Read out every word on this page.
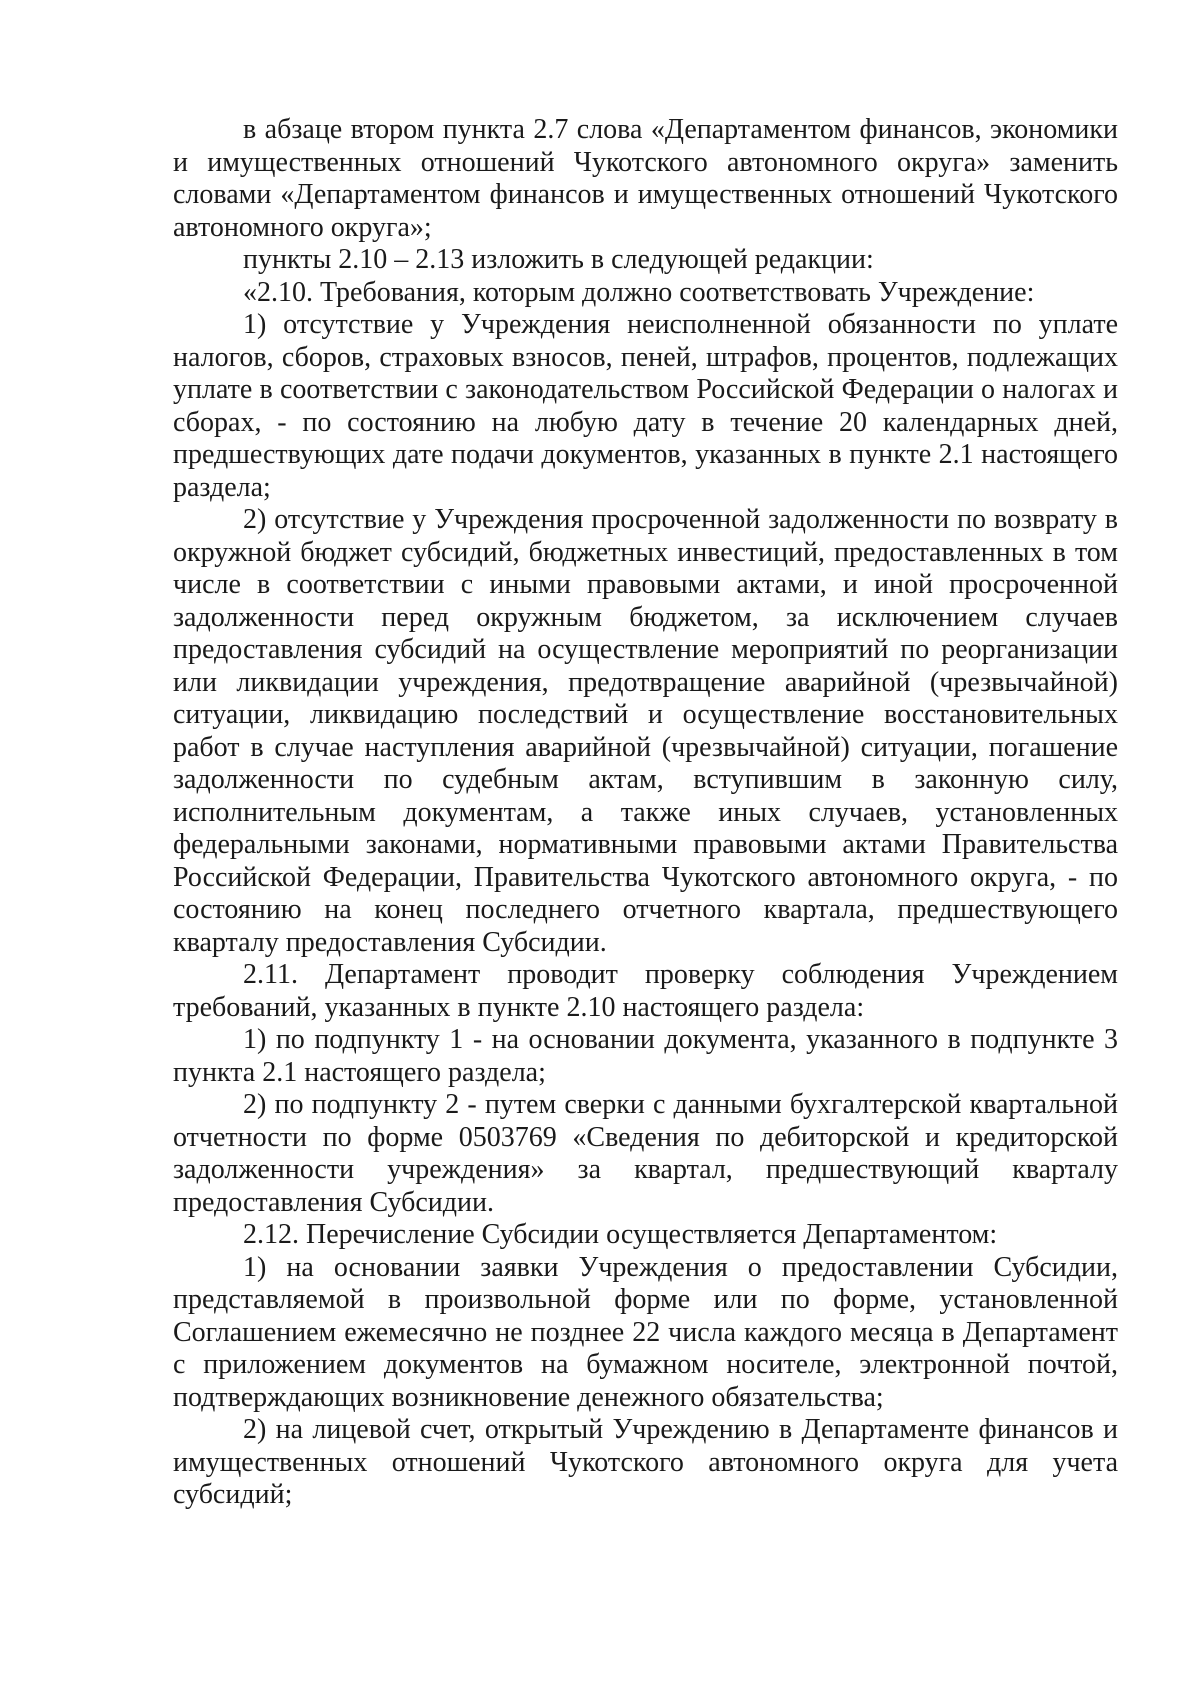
в абзаце втором пункта 2.7 слова «Департаментом финансов, экономики и имущественных отношений Чукотского автономного округа» заменить словами «Департаментом финансов и имущественных отношений Чукотского автономного округа»;

пункты 2.10 – 2.13 изложить в следующей редакции:

«2.10. Требования, которым должно соответствовать Учреждение:

1) отсутствие у Учреждения неисполненной обязанности по уплате налогов, сборов, страховых взносов, пеней, штрафов, процентов, подлежащих уплате в соответствии с законодательством Российской Федерации о налогах и сборах, - по состоянию на любую дату в течение 20 календарных дней, предшествующих дате подачи документов, указанных в пункте 2.1 настоящего раздела;

2) отсутствие у Учреждения просроченной задолженности по возврату в окружной бюджет субсидий, бюджетных инвестиций, предоставленных в том числе в соответствии с иными правовыми актами, и иной просроченной задолженности перед окружным бюджетом, за исключением случаев предоставления субсидий на осуществление мероприятий по реорганизации или ликвидации учреждения, предотвращение аварийной (чрезвычайной) ситуации, ликвидацию последствий и осуществление восстановительных работ в случае наступления аварийной (чрезвычайной) ситуации, погашение задолженности по судебным актам, вступившим в законную силу, исполнительным документам, а также иных случаев, установленных федеральными законами, нормативными правовыми актами Правительства Российской Федерации, Правительства Чукотского автономного округа, - по состоянию на конец последнего отчетного квартала, предшествующего кварталу предоставления Субсидии.

2.11. Департамент проводит проверку соблюдения Учреждением требований, указанных в пункте 2.10 настоящего раздела:

1) по подпункту 1 - на основании документа, указанного в подпункте 3 пункта 2.1 настоящего раздела;

2) по подпункту 2 - путем сверки с данными бухгалтерской квартальной отчетности по форме 0503769 «Сведения по дебиторской и кредиторской задолженности учреждения» за квартал, предшествующий кварталу предоставления Субсидии.

2.12. Перечисление Субсидии осуществляется Департаментом:

1) на основании заявки Учреждения о предоставлении Субсидии, представляемой в произвольной форме или по форме, установленной Соглашением ежемесячно не позднее 22 числа каждого месяца в Департамент с приложением документов на бумажном носителе, электронной почтой, подтверждающих возникновение денежного обязательства;

2) на лицевой счет, открытый Учреждению в Департаменте финансов и имущественных отношений Чукотского автономного округа для учета субсидий;
